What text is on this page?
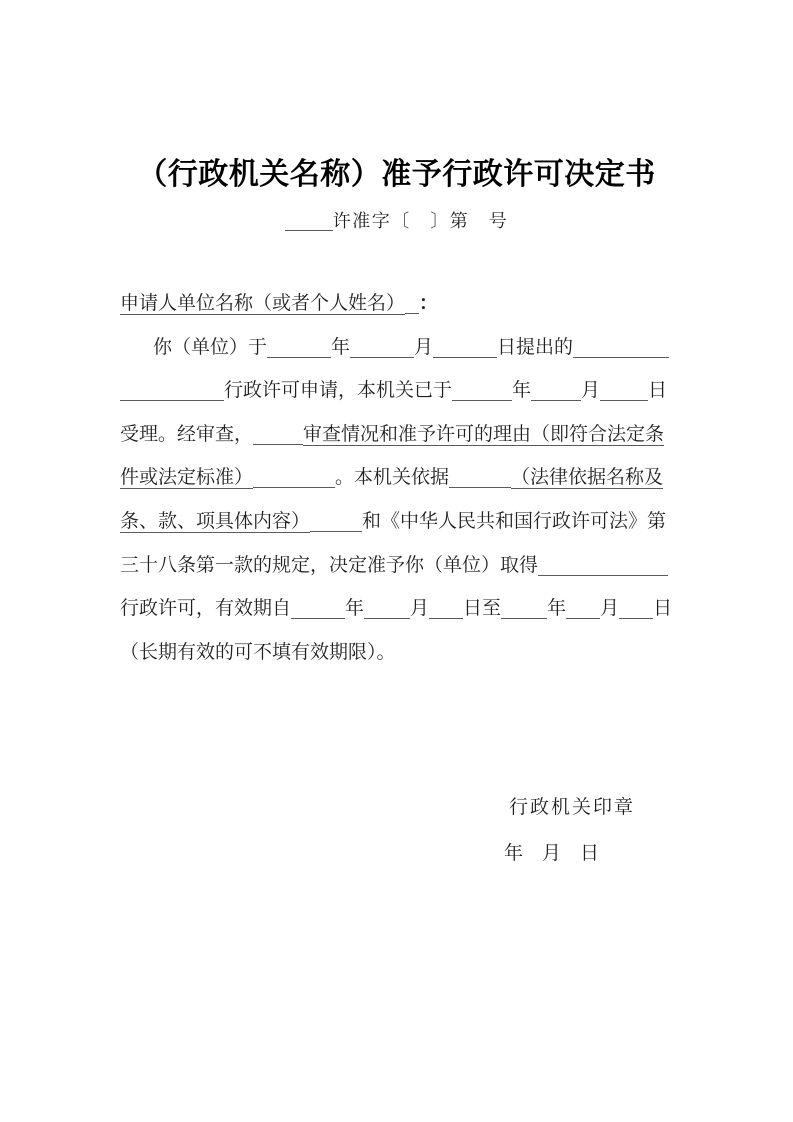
（行政机关名称）准予行政许可决定书
许准字〔　〕第　号
申请人单位名称（或者个人姓名） ：
你（单位）于	年	月	日提出的
行政许可申请，本机关已于	年	月	日
受理。经审查，	审查情况和准予许可的理由（即符合法定条
件或法定标准）	。本机关依据	（法律依据名称及
条、款、项具体内容）	和《中华人民共和国行政许可法》第
三十八条第一款的规定，决定准予你（单位）取得
行政许可，有效期自	年 月 日至 年 月 日
（长期有效的可不填有效期限）。
行政机关印章
年　月　日
